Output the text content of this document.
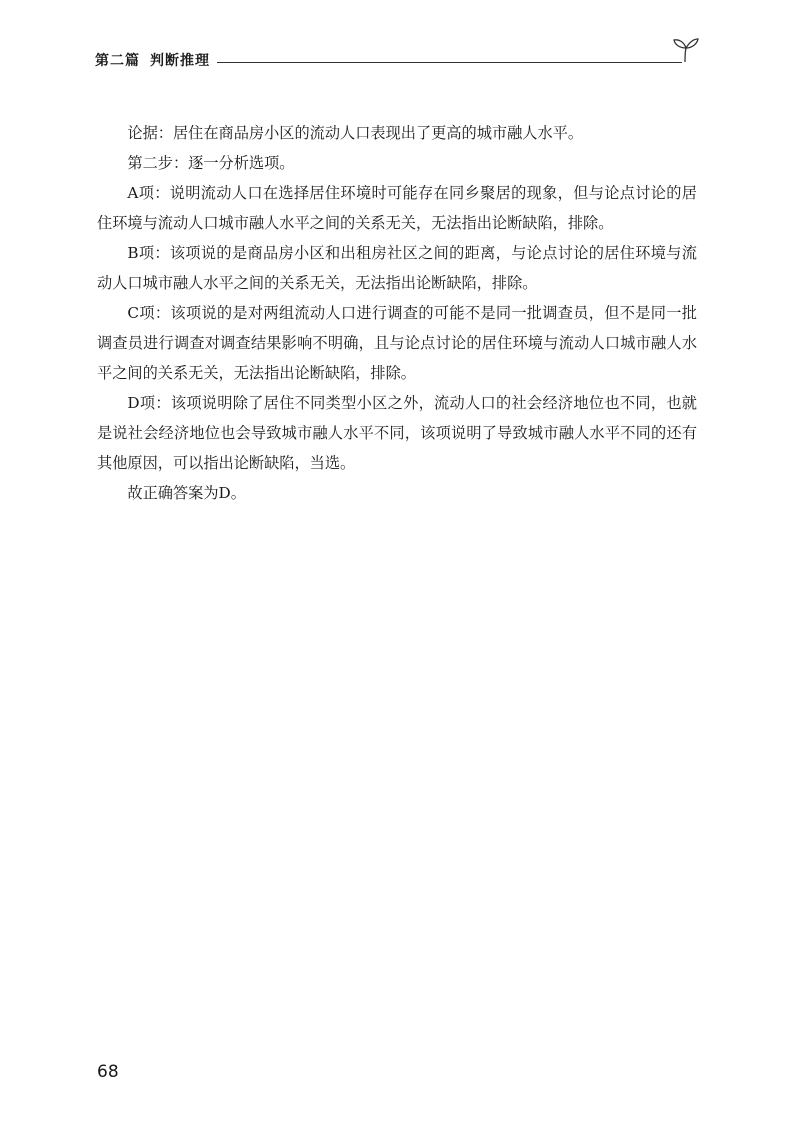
第二篇 判断推理

论据：居住在商品房小区的流动人口表现出了更高的城市融人水平。

第二步：逐一分析选项。

A项：说明流动人口在选择居住环境时可能存在同乡聚居的现象，但与论点讨论的居住环境与流动人口城市融人水平之间的关系无关，无法指出论断缺陷，排除。

B项：该项说的是商品房小区和出租房社区之间的距离，与论点讨论的居住环境与流动人口城市融人水平之间的关系无关，无法指出论断缺陷，排除。

C项：该项说的是对两组流动人口进行调查的可能不是同一批调查员，但不是同一批调查员进行调查对调查结果影响不明确，且与论点讨论的居住环境与流动人口城市融人水平之间的关系无关，无法指出论断缺陷，排除。

D项：该项说明除了居住不同类型小区之外，流动人口的社会经济地位也不同，也就是说社会经济地位也会导致城市融人水平不同，该项说明了导致城市融人水平不同的还有其他原因，可以指出论断缺陷，当选。

故正确答案为D。

68
